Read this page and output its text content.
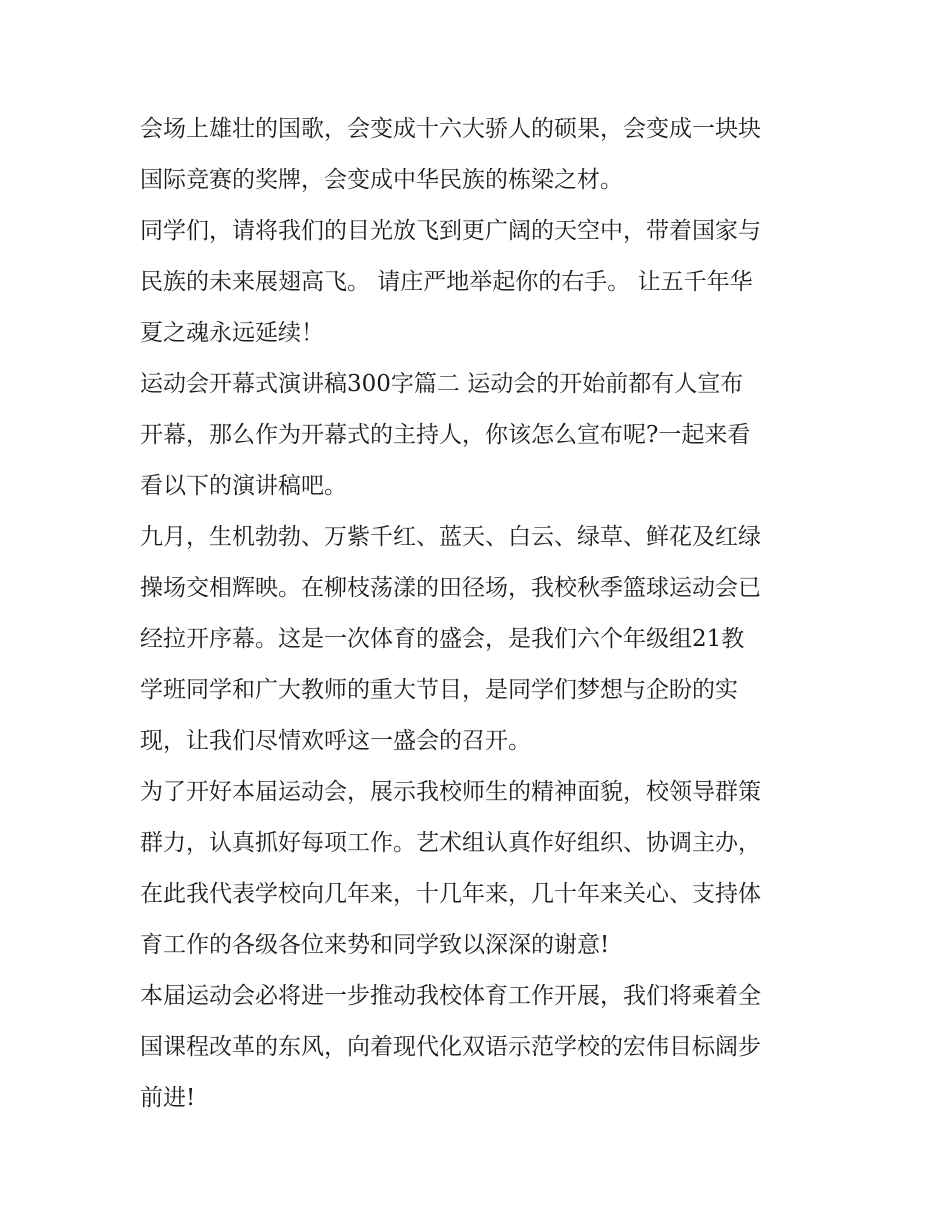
会场上雄壮的国歌，会变成十六大骄人的硕果，会变成一块块
国际竞赛的奖牌，会变成中华民族的栋梁之材。
同学们，请将我们的目光放飞到更广阔的天空中，带着国家与
民族的未来展翅高飞。 请庄严地举起你的右手。 让五千年华
夏之魂永远延续！
运动会开幕式演讲稿300字篇二 运动会的开始前都有人宣布
开幕，那么作为开幕式的主持人，你该怎么宣布呢?一起来看
看以下的演讲稿吧。
九月，生机勃勃、万紫千红、蓝天、白云、绿草、鲜花及红绿
操场交相辉映。在柳枝荡漾的田径场，我校秋季篮球运动会已
经拉开序幕。这是一次体育的盛会，是我们六个年级组21教
学班同学和广大教师的重大节目，是同学们梦想与企盼的实
现，让我们尽情欢呼这一盛会的召开。
为了开好本届运动会，展示我校师生的精神面貌，校领导群策
群力，认真抓好每项工作。艺术组认真作好组织、协调主办，
在此我代表学校向几年来，十几年来，几十年来关心、支持体
育工作的各级各位来势和同学致以深深的谢意!
本届运动会必将进一步推动我校体育工作开展，我们将乘着全
国课程改革的东风，向着现代化双语示范学校的宏伟目标阔步
前进!
